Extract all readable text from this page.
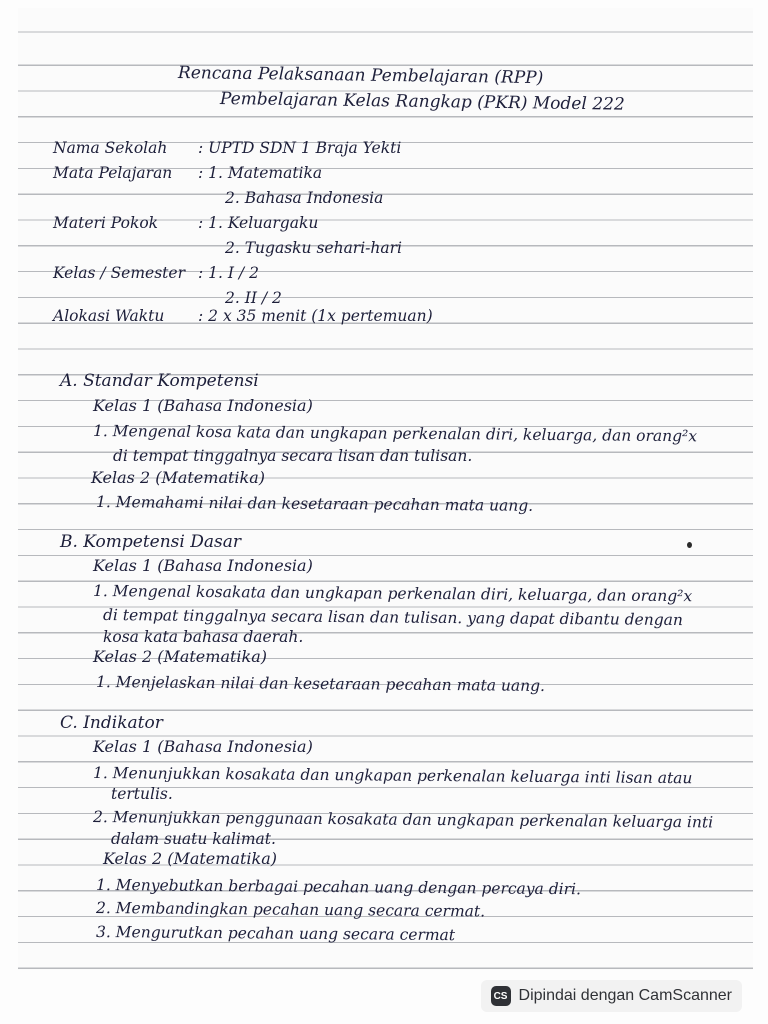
Rencana Pelaksanaan Pembelajaran (RPP)

Pembelajaran Kelas Rangkap (PKR) Model 222

Nama Sekolah : UPTD SDN 1 Braja Yekti

Mata Pelajaran : 1. Matematika

2. Bahasa Indonesia

Materi Pokok	: 1. Keluargaku

2. Tugasku sehari-hari

Kelas / Semester : 1. I / 2

2. II / 2

Alokasi Waktu : 2 x 35 menit (1x pertemuan)

A. Standar Kompetensi

Kelas 1 (Bahasa Indonesia)

1. Mengenal kosa kata dan ungkapan perkenalan diri, keluarga, dan orang²x

di tempat tinggalnya secara lisan dan tulisan.

Kelas 2 (Matematika)

1. Memahami nilai dan kesetaraan pecahan mata uang.

B. Kompetensi Dasar

Kelas 1 (Bahasa Indonesia)

1. Mengenal kosakata dan ungkapan perkenalan diri, keluarga, dan orang²x

di tempat tinggalnya secara lisan dan tulisan. yang dapat dibantu dengan

kosa kata bahasa daerah.

Kelas 2 (Matematika)

1. Menjelaskan nilai dan kesetaraan pecahan mata uang.

C. Indikator

Kelas 1 (Bahasa Indonesia)

1. Menunjukkan kosakata dan ungkapan perkenalan keluarga inti lisan atau

tertulis.

2. Menunjukkan penggunaan kosakata dan ungkapan perkenalan keluarga inti

dalam suatu kalimat.

Kelas 2 (Matematika)

1. Menyebutkan berbagai pecahan uang dengan percaya diri.

2. Membandingkan pecahan uang secara cermat.

3. Mengurutkan pecahan uang secara cermat

CS Dipindai dengan CamScanner
